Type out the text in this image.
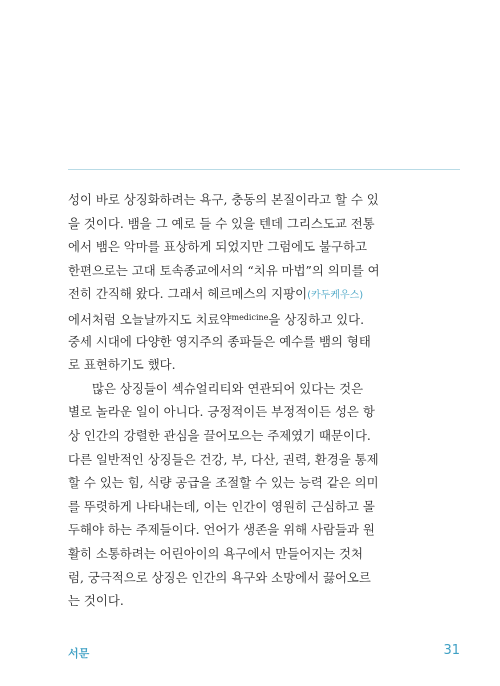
성이 바로 상징화하려는 욕구, 충동의 본질이라고 할 수 있
을 것이다. 뱀을 그 예로 들 수 있을 텐데 그리스도교 전통
에서 뱀은 악마를 표상하게 되었지만 그럼에도 불구하고
한편으로는 고대 토속종교에서의 “치유 마법”의 의미를 여
전히 간직해 왔다. 그래서 헤르메스의 지팡이(카두케우스)
에서처럼 오늘날까지도 치료약$^{medicine}$을 상징하고 있다.
중세 시대에 다양한 영지주의 종파들은 예수를 뱀의 형태
로 표현하기도 했다.
많은 상징들이 섹슈얼리티와 연관되어 있다는 것은
별로 놀라운 일이 아니다. 긍정적이든 부정적이든 성은 항
상 인간의 강렬한 관심을 끌어모으는 주제였기 때문이다.
다른 일반적인 상징들은 건강, 부, 다산, 권력, 환경을 통제
할 수 있는 힘, 식량 공급을 조절할 수 있는 능력 같은 의미
를 뚜렷하게 나타내는데, 이는 인간이 영원히 근심하고 몰
두해야 하는 주제들이다. 언어가 생존을 위해 사람들과 원
활히 소통하려는 어린아이의 욕구에서 만들어지는 것처
럼, 궁극적으로 상징은 인간의 욕구와 소망에서 끓어오르
는 것이다.
서문	31
